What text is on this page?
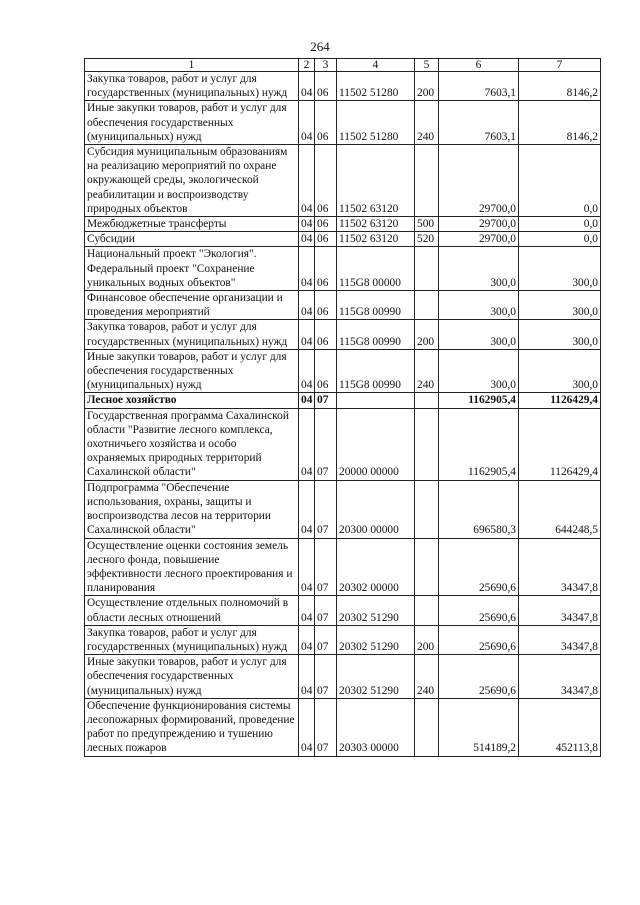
264
1	2	3	4	5	6	7
Закупка товаров, работ и услуг для государственных (муниципальных) нужд	04	06	11502 51280	200	7603,1	8146,2
Иные закупки товаров, работ и услуг для обеспечения государственных (муниципальных) нужд	04	06	11502 51280	240	7603,1	8146,2
Субсидия муниципальным образованиям на реализацию мероприятий по охране окружающей среды, экологической реабилитации и воспроизводству природных объектов	04	06	11502 63120		29700,0	0,0
Межбюджетные трансферты	04	06	11502 63120	500	29700,0	0,0
Субсидии	04	06	11502 63120	520	29700,0	0,0
Национальный проект "Экология". Федеральный проект "Сохранение уникальных водных объектов"	04	06	115G8 00000		300,0	300,0
Финансовое обеспечение организации и проведения мероприятий	04	06	115G8 00990		300,0	300,0
Закупка товаров, работ и услуг для государственных (муниципальных) нужд	04	06	115G8 00990	200	300,0	300,0
Иные закупки товаров, работ и услуг для обеспечения государственных (муниципальных) нужд	04	06	115G8 00990	240	300,0	300,0
Лесное хозяйство	04	07			1162905,4	1126429,4
Государственная программа Сахалинской области "Развитие лесного комплекса, охотничьего хозяйства и особо охраняемых природных территорий Сахалинской области"	04	07	20000 00000		1162905,4	1126429,4
Подпрограмма "Обеспечение использования, охраны, защиты и воспроизводства лесов на территории Сахалинской области"	04	07	20300 00000		696580,3	644248,5
Осуществление оценки состояния земель лесного фонда, повышение эффективности лесного проектирования и планирования	04	07	20302 00000		25690,6	34347,8
Осуществление отдельных полномочий в области лесных отношений	04	07	20302 51290		25690,6	34347,8
Закупка товаров, работ и услуг для государственных (муниципальных) нужд	04	07	20302 51290	200	25690,6	34347,8
Иные закупки товаров, работ и услуг для обеспечения государственных (муниципальных) нужд	04	07	20302 51290	240	25690,6	34347,8
Обеспечение функционирования системы лесопожарных формирований, проведение работ по предупреждению и тушению лесных пожаров	04	07	20303 00000		514189,2	452113,8
